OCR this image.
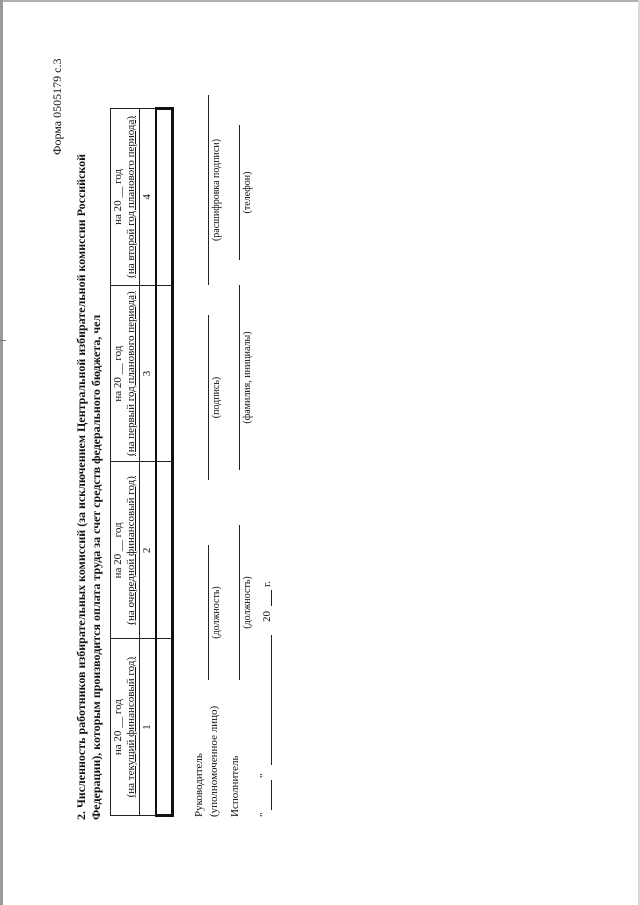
Форма 0505179 с.3
2. Численность работников избирательных комиссий (за исключением Центральной избирательной комиссии Российской Федерации), которым производится оплата труда за счет средств федерального бюджета, чел на 20 __ год (на текущий финансовый год)	на 20 __ год (на очередной финансовый год)	на 20 __ год (на первый год планового периода)	на 20 __ год (на второй год планового периода)

1	2	3	4

Руководитель (уполномоченное лицо)
(должность)
(подпись)
(расшифровка подписи)
Исполнитель
(должность)
(фамилия, инициалы)
(телефон)
"
"
20
г.
